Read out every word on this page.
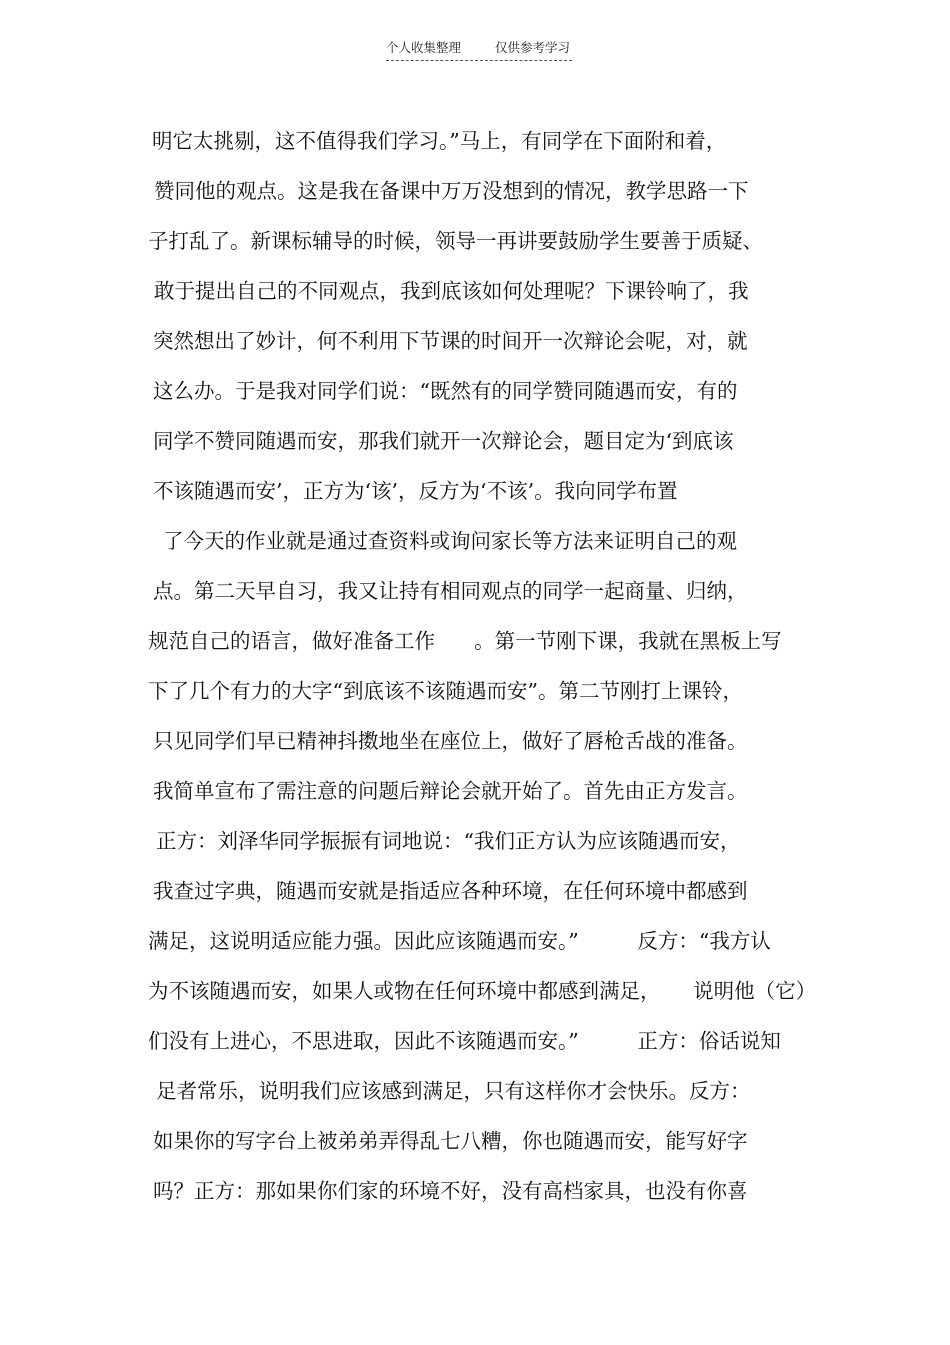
个人收集整理	仅供参考学习
明它太挑剔，这不值得我们学习。”马上，有同学在下面附和着，
赞同他的观点。这是我在备课中万万没想到的情况，教学思路一下
子打乱了。新课标辅导的时候，领导一再讲要鼓励学生要善于质疑、
敢于提出自己的不同观点，我到底该如何处理呢？下课铃响了，我
突然想出了妙计，何不利用下节课的时间开一次辩论会呢，对，就
这么办。于是我对同学们说：“既然有的同学赞同随遇而安，有的
同学不赞同随遇而安，那我们就开一次辩论会，题目定为‘到底该
不该随遇而安’，正方为‘该’，反方为‘不该’。我向同学布置
了今天的作业就是通过查资料或询问家长等方法来证明自己的观
点。第二天早自习，我又让持有相同观点的同学一起商量、归纳，
规范自己的语言，做好准备工作      。第一节刚下课，我就在黑板上写
下了几个有力的大字“到底该不该随遇而安”。第二节刚打上课铃，
只见同学们早已精神抖擞地坐在座位上，做好了唇枪舌战的准备。
我简单宣布了需注意的问题后辩论会就开始了。首先由正方发言。
正方：刘泽华同学振振有词地说：“我们正方认为应该随遇而安，
我查过字典，随遇而安就是指适应各种环境，在任何环境中都感到
满足，这说明适应能力强。因此应该随遇而安。”         反方：“我方认
为不该随遇而安，如果人或物在任何环境中都感到满足，     说明他（它）
们没有上进心，不思进取，因此不该随遇而安。”         正方：俗话说知
足者常乐，说明我们应该感到满足，只有这样你才会快乐。反方：
如果你的写字台上被弟弟弄得乱七八糟，你也随遇而安，能写好字
吗？正方：那如果你们家的环境不好，没有高档家具，也没有你喜
